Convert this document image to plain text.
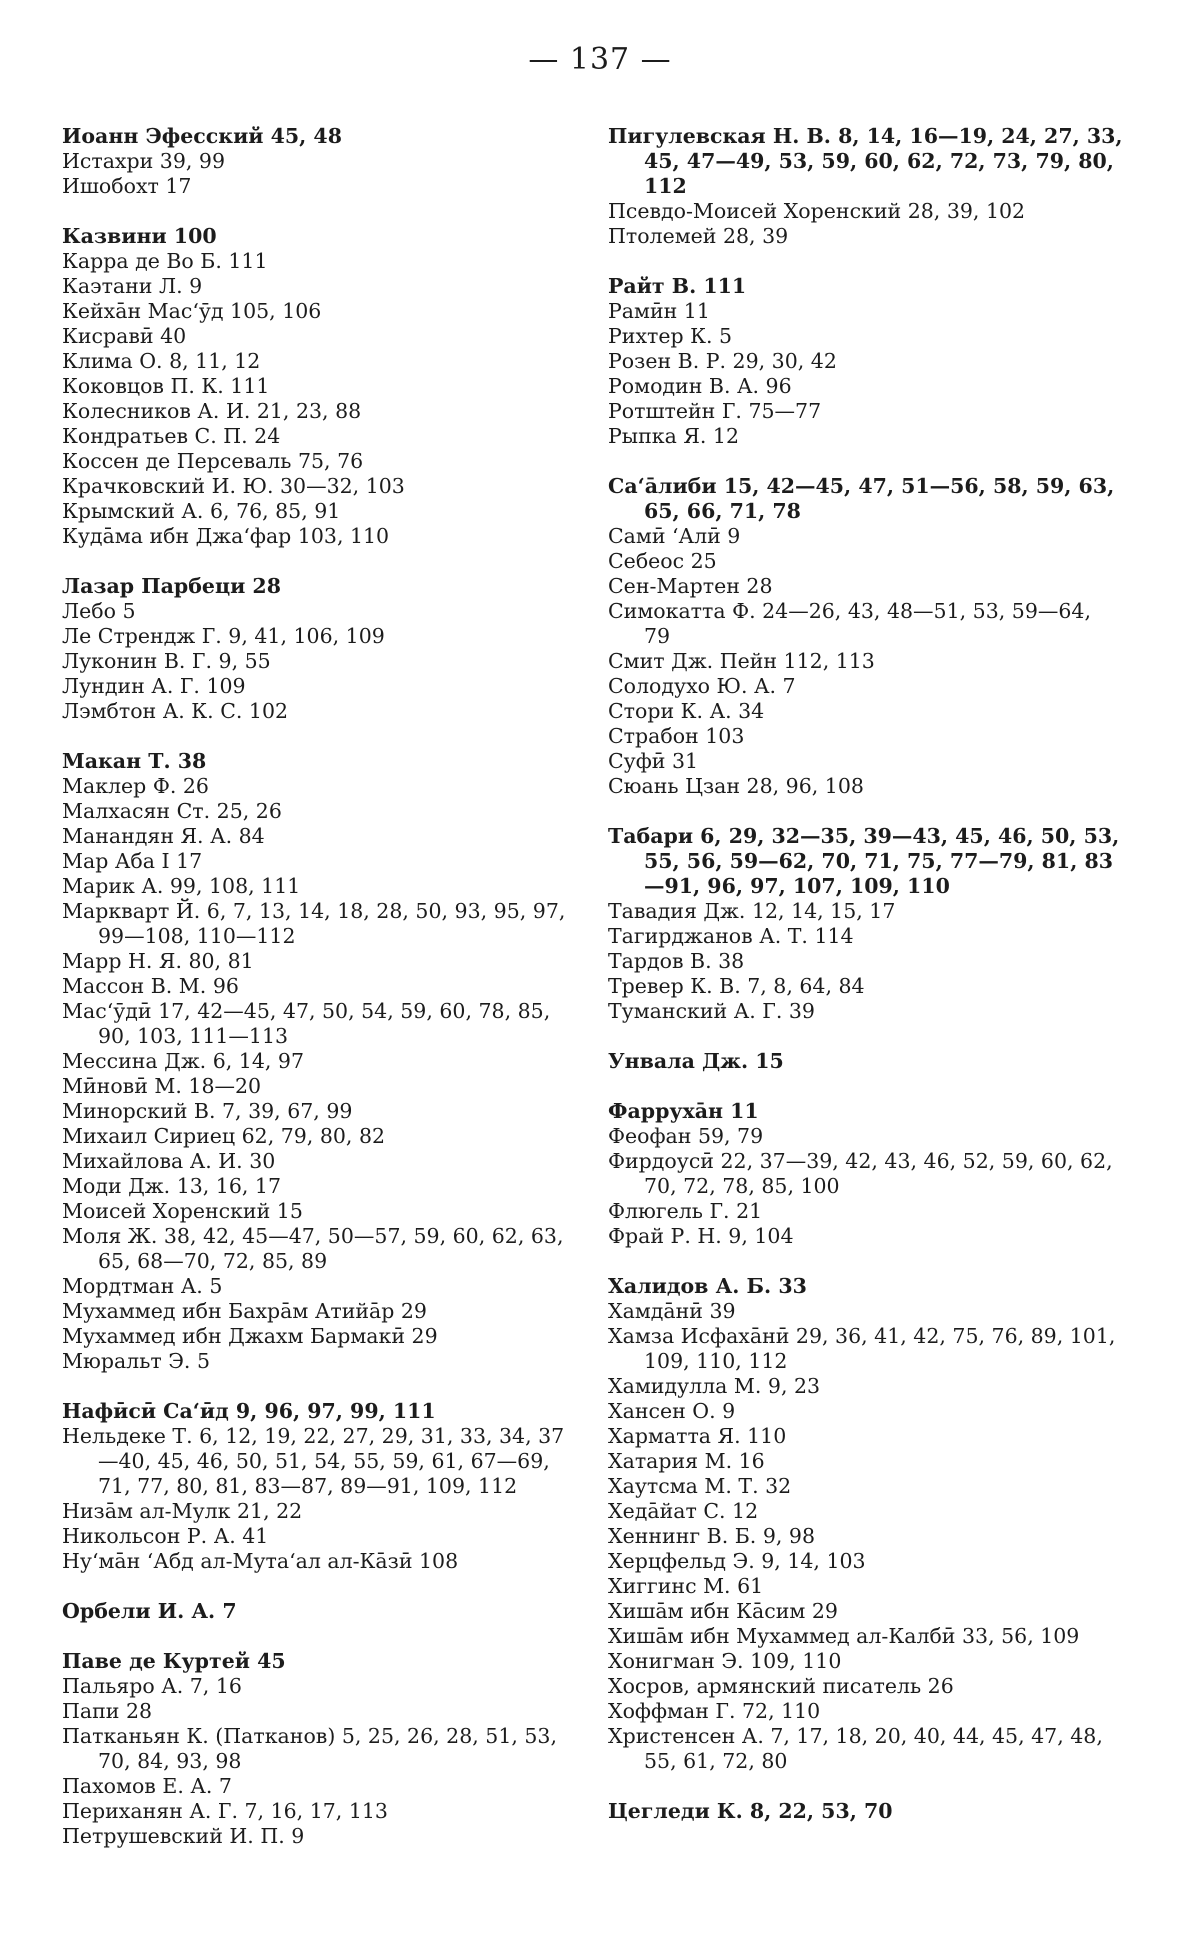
— 137 —
Иоанн Эфесский 45, 48
Истахри 39, 99
Ишобохт 17
Казвини 100
Карра де Во Б. 111
Каэтани Л. 9
Кейхāн Мас‘ӯд 105, 106
Кисравӣ 40
Клима О. 8, 11, 12
Коковцов П. К. 111
Колесников А. И. 21, 23, 88
Кондратьев С. П. 24
Коссен де Персеваль 75, 76
Крачковский И. Ю. 30—32, 103
Крымский А. 6, 76, 85, 91
Кудāма ибн Джа‘фар 103, 110
Лазар Парбеци 28
Лебо 5
Ле Стрендж Г. 9, 41, 106, 109
Луконин В. Г. 9, 55
Лундин А. Г. 109
Лэмбтон А. К. С. 102
Макан Т. 38
Маклер Ф. 26
Малхасян Ст. 25, 26
Манандян Я. А. 84
Мар Аба I 17
Марик А. 99, 108, 111
Маркварт Й. 6, 7, 13, 14, 18, 28, 50, 93, 95, 97, 99—108, 110—112
Марр Н. Я. 80, 81
Массон В. М. 96
Мас‘ӯдӣ 17, 42—45, 47, 50, 54, 59, 60, 78, 85, 90, 103, 111—113
Мессина Дж. 6, 14, 97
Мӣновӣ М. 18—20
Минорский В. 7, 39, 67, 99
Михаил Сириец 62, 79, 80, 82
Михайлова А. И. 30
Моди Дж. 13, 16, 17
Моисей Хоренский 15
Моля Ж. 38, 42, 45—47, 50—57, 59, 60, 62, 63, 65, 68—70, 72, 85, 89
Мордтман А. 5
Мухаммед ибн Бахрāм Атийāр 29
Мухаммед ибн Джахм Бармакӣ 29
Мюральт Э. 5
Нафӣсӣ Са‘ӣд 9, 96, 97, 99, 111
Нельдеке Т. 6, 12, 19, 22, 27, 29, 31, 33, 34, 37—40, 45, 46, 50, 51, 54, 55, 59, 61, 67—69, 71, 77, 80, 81, 83—87, 89—91, 109, 112
Низāм ал-Мулк 21, 22
Никольсон Р. А. 41
Ну‘мāн ‘Абд ал-Мута‘ал ал-Кāзӣ 108
Орбели И. А. 7
Паве де Куртей 45
Пальяро А. 7, 16
Папи 28
Патканьян К. (Патканов) 5, 25, 26, 28, 51, 53, 70, 84, 93, 98
Пахомов Е. А. 7
Периханян А. Г. 7, 16, 17, 113
Петрушевский И. П. 9
Пигулевская Н. В. 8, 14, 16—19, 24, 27, 33, 45, 47—49, 53, 59, 60, 62, 72, 73, 79, 80, 112
Псевдо-Моисей Хоренский 28, 39, 102
Птолемей 28, 39
Райт В. 111
Рамӣн 11
Рихтер К. 5
Розен В. Р. 29, 30, 42
Ромодин В. А. 96
Ротштейн Г. 75—77
Рыпка Я. 12
Са‘āлиби 15, 42—45, 47, 51—56, 58, 59, 63, 65, 66, 71, 78
Самӣ ‘Алӣ 9
Себеос 25
Сен-Мартен 28
Симокатта Ф. 24—26, 43, 48—51, 53, 59—64, 79
Смит Дж. Пейн 112, 113
Солодухо Ю. А. 7
Стори К. А. 34
Страбон 103
Суфӣ 31
Сюань Цзан 28, 96, 108
Табари 6, 29, 32—35, 39—43, 45, 46, 50, 53, 55, 56, 59—62, 70, 71, 75, 77—79, 81, 83—91, 96, 97, 107, 109, 110
Тавадия Дж. 12, 14, 15, 17
Тагирджанов А. Т. 114
Тардов В. 38
Тревер К. В. 7, 8, 64, 84
Туманский А. Г. 39
Унвала Дж. 15
Фаррухāн 11
Феофан 59, 79
Фирдоусӣ 22, 37—39, 42, 43, 46, 52, 59, 60, 62, 70, 72, 78, 85, 100
Флюгель Г. 21
Фрай Р. Н. 9, 104
Халидов А. Б. 33
Хамдāнӣ 39
Хамза Исфахāнӣ 29, 36, 41, 42, 75, 76, 89, 101, 109, 110, 112
Хамидулла М. 9, 23
Хансен О. 9
Харматта Я. 110
Хатария М. 16
Хаутсма М. Т. 32
Хедāйат С. 12
Хеннинг В. Б. 9, 98
Херцфельд Э. 9, 14, 103
Хиггинс М. 61
Хишāм ибн Кāсим 29
Хишāм ибн Мухаммед ал-Калбӣ 33, 56, 109
Хонигман Э. 109, 110
Хосров, армянский писатель 26
Хоффман Г. 72, 110
Христенсен А. 7, 17, 18, 20, 40, 44, 45, 47, 48, 55, 61, 72, 80
Цегледи К. 8, 22, 53, 70
